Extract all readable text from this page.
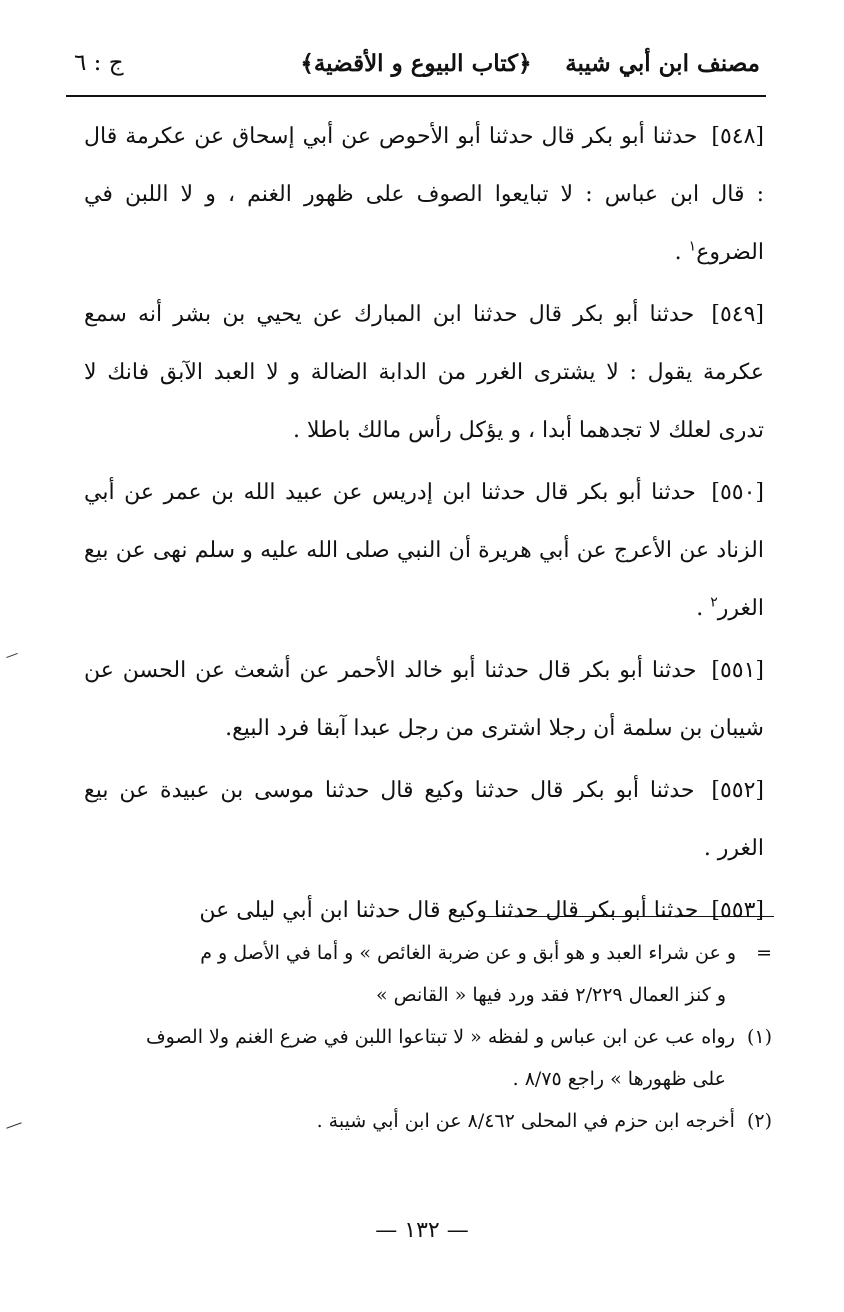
مصنف ابن أبي شيبة
﴿كتاب البيوع و الأقضية﴾
ج : ٦

[٥٤٨] حدثنا أبو بكر قال حدثنا أبو الأحوص عن أبي إسحاق عن عكرمة قال : قال ابن عباس : لا تبايعوا الصوف على ظهور الغنم ، و لا اللبن في الضروع$^١$ .

[٥٤٩] حدثنا أبو بكر قال حدثنا ابن المبارك عن يحيي بن بشر أنه سمع عكرمة يقول : لا يشترى الغرر من الدابة الضالة و لا العبد الآبق فانك لا تدرى لعلك لا تجدهما أبدا ، و يؤكل رأس مالك باطلا .

[٥٥٠] حدثنا أبو بكر قال حدثنا ابن إدريس عن عبيد الله بن عمر عن أبي الزناد عن الأعرج عن أبي هريرة أن النبي صلى الله عليه و سلم نهى عن بيع الغرر$^٢$ .

[٥٥١] حدثنا أبو بكر قال حدثنا أبو خالد الأحمر عن أشعث عن الحسن عن شيبان بن سلمة أن رجلا اشترى من رجل عبدا آبقا فرد البيع.

[٥٥٢] حدثنا أبو بكر قال حدثنا وكيع قال حدثنا موسى بن عبيدة عن بيع الغرر .

[٥٥٣] حدثنا أبو بكر قال حدثنا وكيع قال حدثنا ابن أبي ليلى عن

= و عن شراء العبد و هو أبق و عن ضربة الغائص » و أما في الأصل و م
و كنز العمال ٢/٢٢٩ فقد ورد فيها « القانص »

(١) رواه عب عن ابن عباس و لفظه « لا تبتاعوا اللبن في ضرع الغنم ولا الصوف
على ظهورها » راجع ٨/٧٥ .

(٢) أخرجه ابن حزم في المحلى ٨/٤٦٢ عن ابن أبي شيبة .

— ١٣٢ —
